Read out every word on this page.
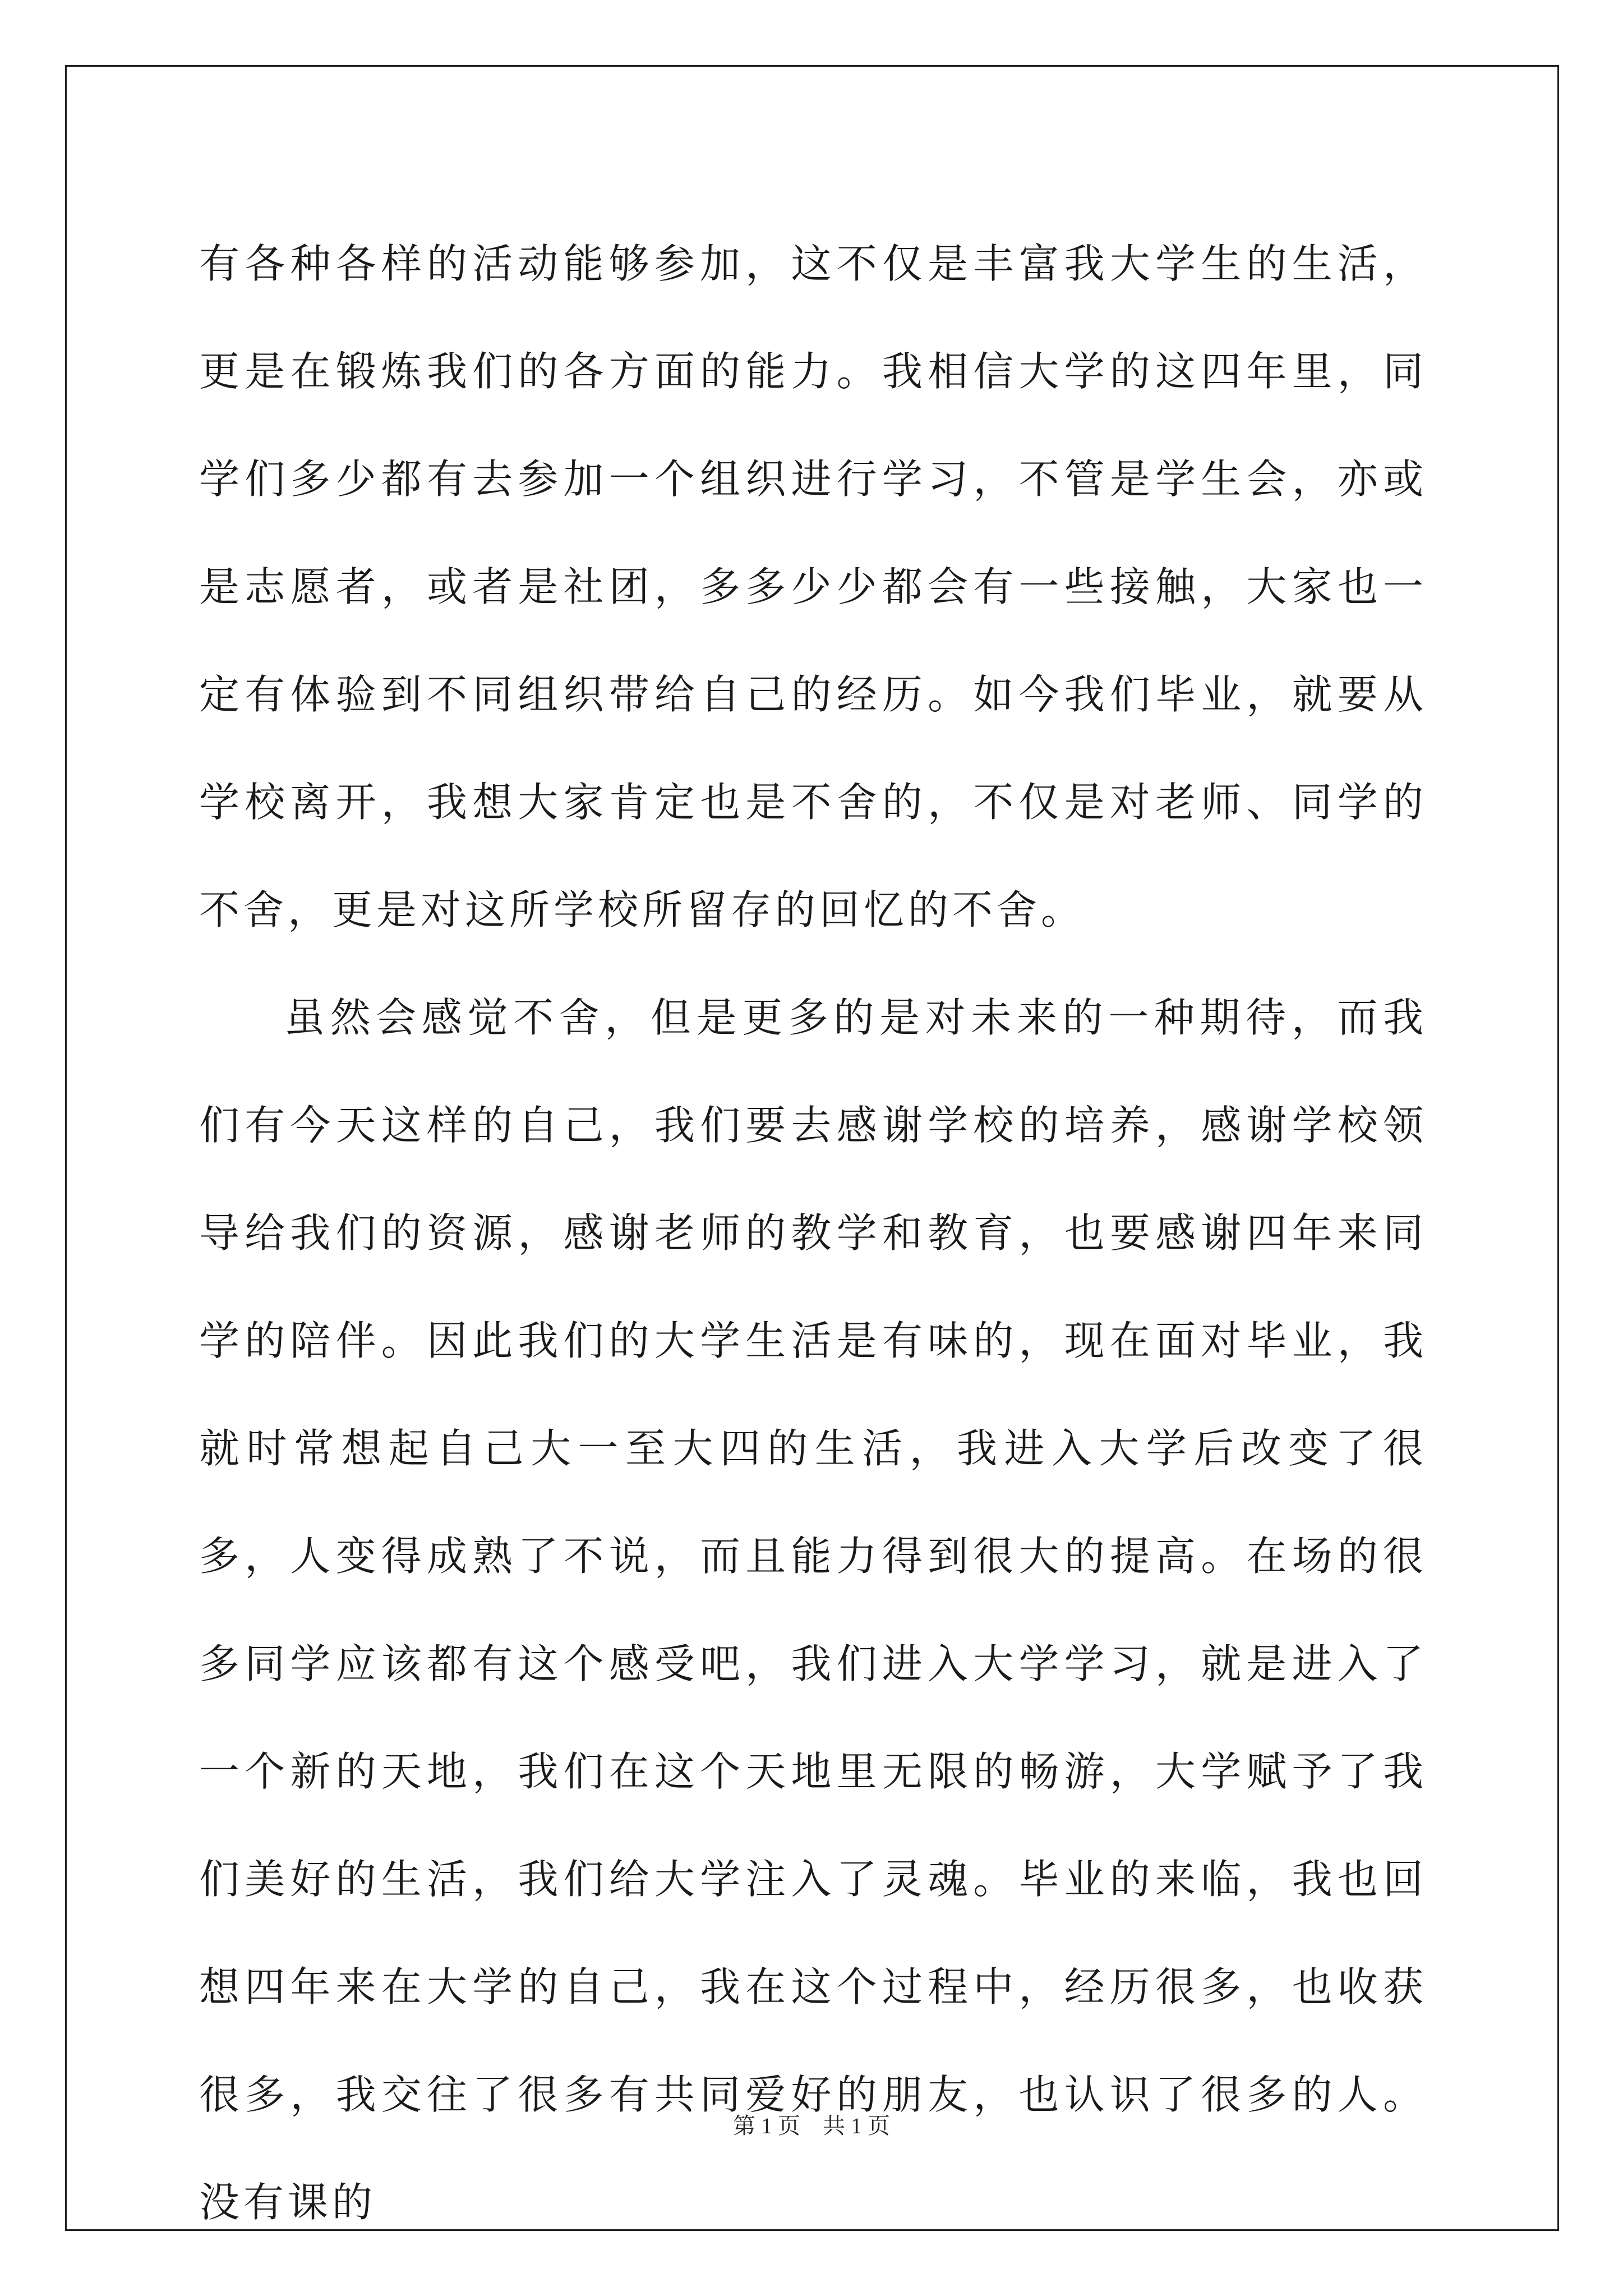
有各种各样的活动能够参加，这不仅是丰富我大学生的生活，更是在锻炼我们的各方面的能力。我相信大学的这四年里，同学们多少都有去参加一个组织进行学习，不管是学生会，亦或是志愿者，或者是社团，多多少少都会有一些接触，大家也一定有体验到不同组织带给自己的经历。如今我们毕业，就要从学校离开，我想大家肯定也是不舍的，不仅是对老师、同学的不舍，更是对这所学校所留存的回忆的不舍。

虽然会感觉不舍，但是更多的是对未来的一种期待，而我们有今天这样的自己，我们要去感谢学校的培养，感谢学校领导给我们的资源，感谢老师的教学和教育，也要感谢四年来同学的陪伴。因此我们的大学生活是有味的，现在面对毕业，我就时常想起自己大一至大四的生活，我进入大学后改变了很多，人变得成熟了不说，而且能力得到很大的提高。在场的很多同学应该都有这个感受吧，我们进入大学学习，就是进入了一个新的天地，我们在这个天地里无限的畅游，大学赋予了我们美好的生活，我们给大学注入了灵魂。毕业的来临，我也回想四年来在大学的自己，我在这个过程中，经历很多，也收获很多，我交往了很多有共同爱好的朋友，也认识了很多的人。没有课的

第 1 页　共 1 页
